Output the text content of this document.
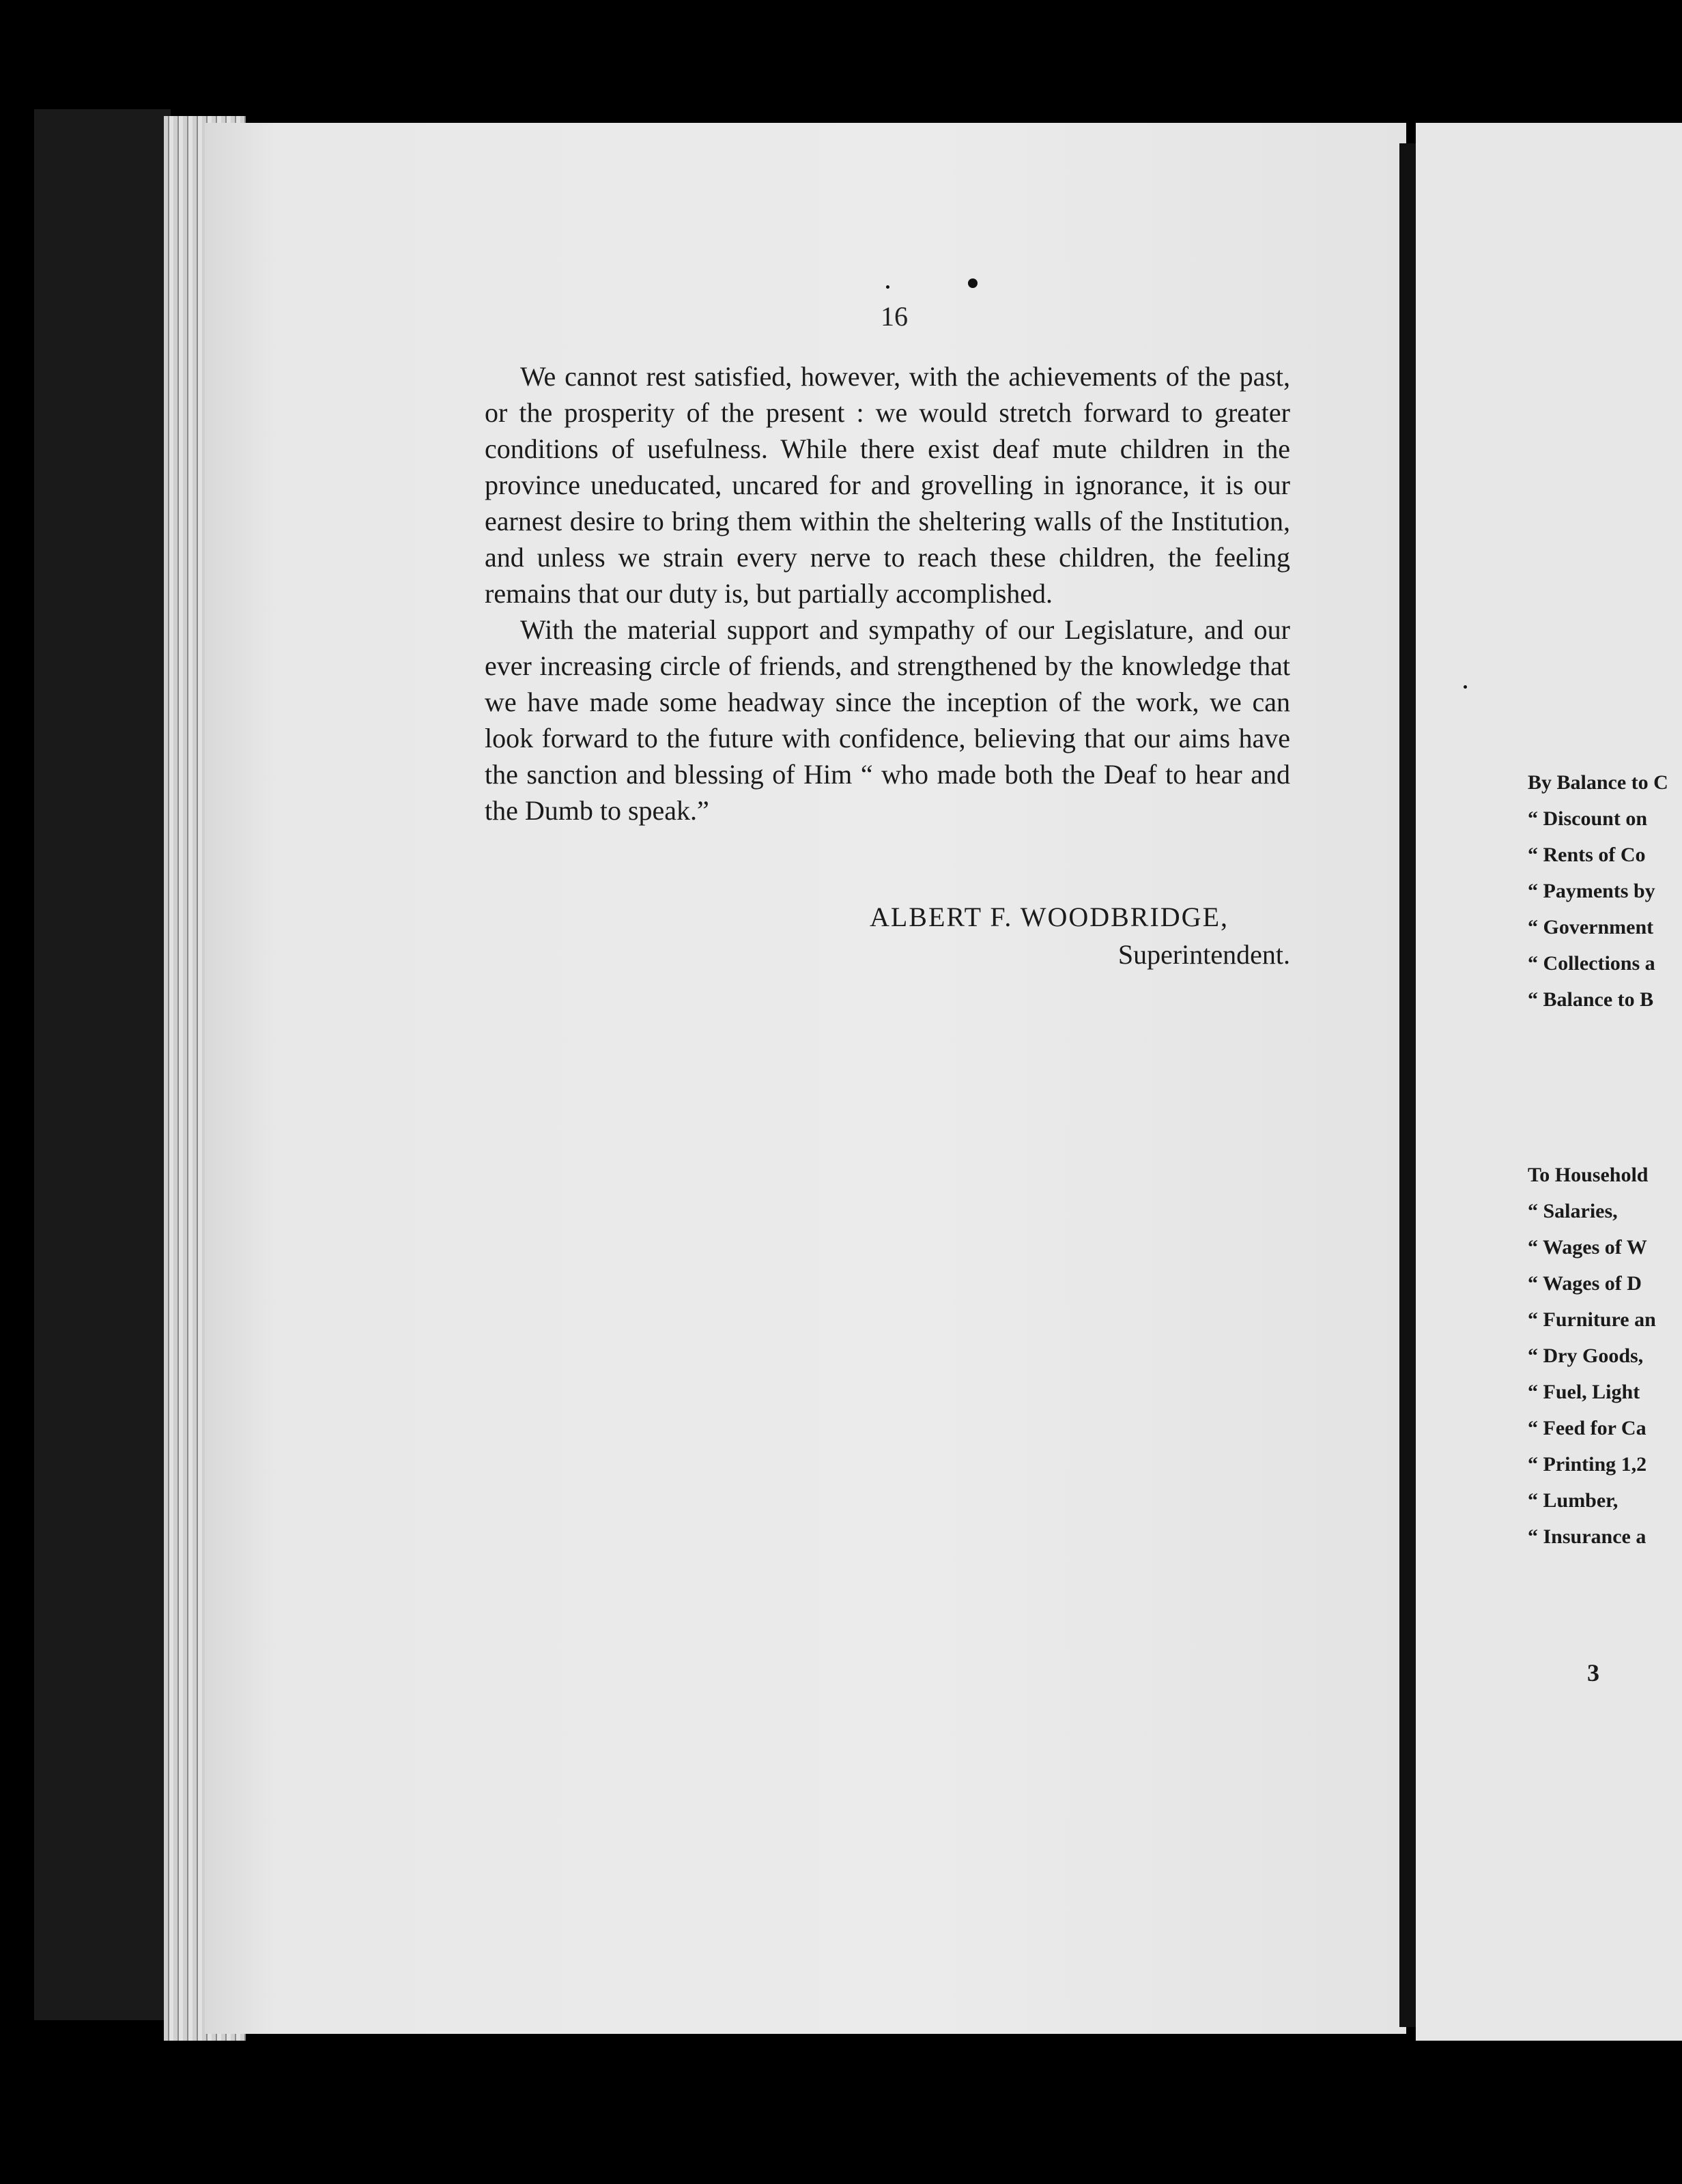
16

We cannot rest satisfied, however, with the achievements of the past, or the prosperity of the present : we would stretch forward to greater conditions of usefulness. While there exist deaf mute children in the province uneducated, uncared for and grovelling in ignorance, it is our earnest desire to bring them within the sheltering walls of the Institution, and unless we strain every nerve to reach these children, the feeling remains that our duty is, but partially accomplished.

With the material support and sympathy of our Legislature, and our ever increasing circle of friends, and strengthened by the knowledge that we have made some headway since the inception of the work, we can look forward to the future with confidence, believing that our aims have the sanction and blessing of Him “ who made both the Deaf to hear and the Dumb to speak.”

ALBERT F. WOODBRIDGE,
Superintendent.
By Balance to C
“ Discount on
“ Rents of Co
“ Payments by
“ Government
“ Collections a
“ Balance to B
To Household
“ Salaries,
“ Wages of W
“ Wages of D
“ Furniture an
“ Dry Goods,
“ Fuel, Light
“ Feed for Ca
“ Printing 1,2
“ Lumber,
“ Insurance a
3
